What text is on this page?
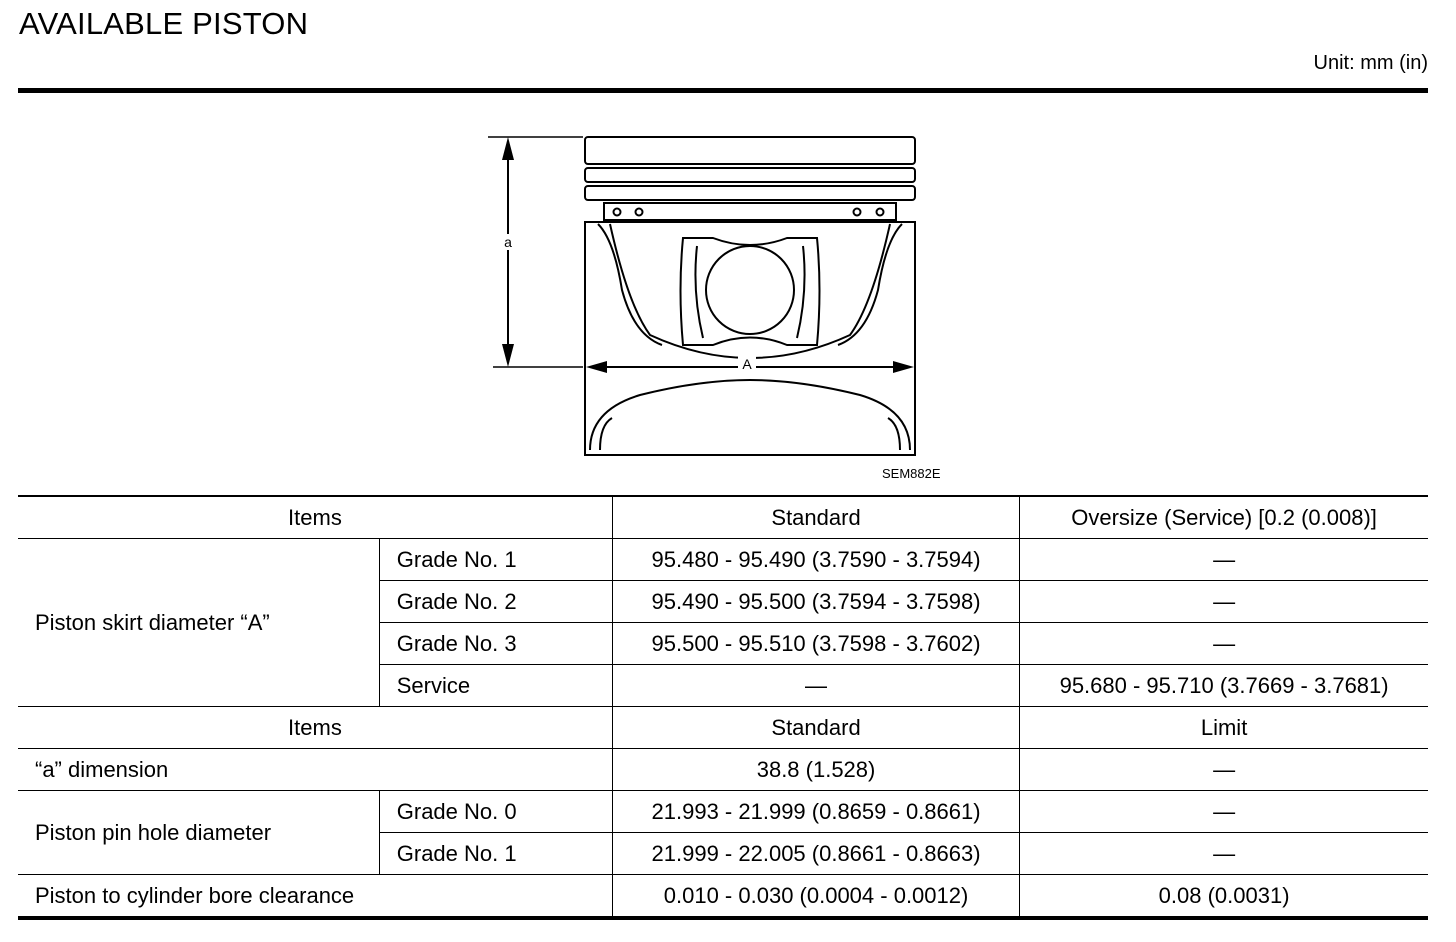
AVAILABLE PISTON
Unit: mm (in)
a
A
SEM882E
Items		Standard	Oversize (Service) [0.2 (0.008)]
Piston skirt diameter “A”	Grade No. 1	95.480 - 95.490 (3.7590 - 3.7594)	—
	Grade No. 2	95.490 - 95.500 (3.7594 - 3.7598)	—
	Grade No. 3	95.500 - 95.510 (3.7598 - 3.7602)	—
	Service	—	95.680 - 95.710 (3.7669 - 3.7681)
Items		Standard	Limit
“a” dimension		38.8 (1.528)	—
Piston pin hole diameter	Grade No. 0	21.993 - 21.999 (0.8659 - 0.8661)	—
	Grade No. 1	21.999 - 22.005 (0.8661 - 0.8663)	—
Piston to cylinder bore clearance		0.010 - 0.030 (0.0004 - 0.0012)	0.08 (0.0031)
